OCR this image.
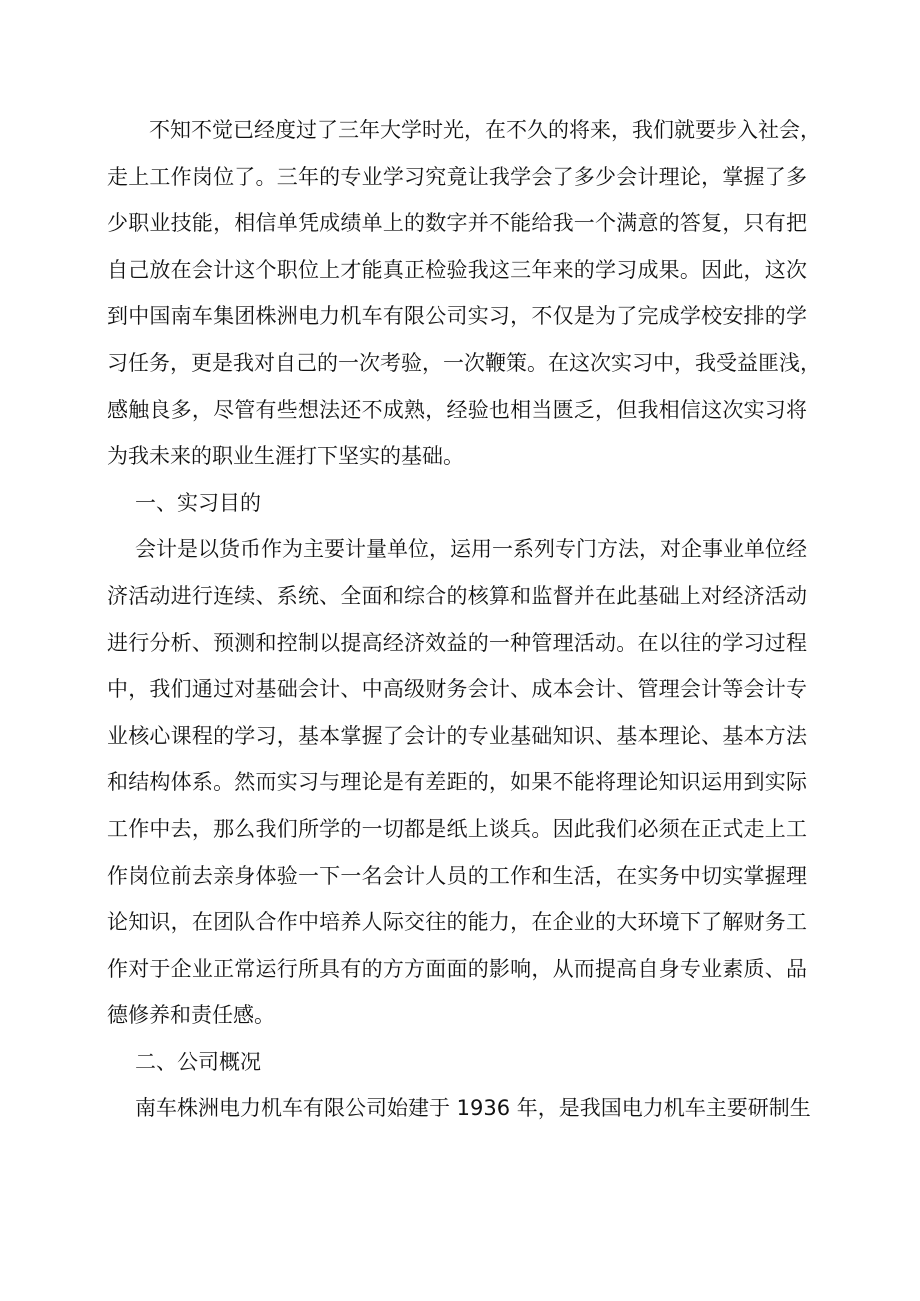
不知不觉已经度过了三年大学时光，在不久的将来，我们就要步入社会，
走上工作岗位了。三年的专业学习究竟让我学会了多少会计理论，掌握了多
少职业技能，相信单凭成绩单上的数字并不能给我一个满意的答复，只有把
自己放在会计这个职位上才能真正检验我这三年来的学习成果。因此，这次
到中国南车集团株洲电力机车有限公司实习，不仅是为了完成学校安排的学
习任务，更是我对自己的一次考验，一次鞭策。在这次实习中，我受益匪浅，
感触良多，尽管有些想法还不成熟，经验也相当匮乏，但我相信这次实习将
为我未来的职业生涯打下坚实的基础。
一、实习目的
会计是以货币作为主要计量单位，运用一系列专门方法，对企事业单位经
济活动进行连续、系统、全面和综合的核算和监督并在此基础上对经济活动
进行分析、预测和控制以提高经济效益的一种管理活动。在以往的学习过程
中，我们通过对基础会计、中高级财务会计、成本会计、管理会计等会计专
业核心课程的学习，基本掌握了会计的专业基础知识、基本理论、基本方法
和结构体系。然而实习与理论是有差距的，如果不能将理论知识运用到实际
工作中去，那么我们所学的一切都是纸上谈兵。因此我们必须在正式走上工
作岗位前去亲身体验一下一名会计人员的工作和生活，在实务中切实掌握理
论知识，在团队合作中培养人际交往的能力，在企业的大环境下了解财务工
作对于企业正常运行所具有的方方面面的影响，从而提高自身专业素质、品
德修养和责任感。
二、公司概况
南车株洲电力机车有限公司始建于 1936 年，是我国电力机车主要研制生
